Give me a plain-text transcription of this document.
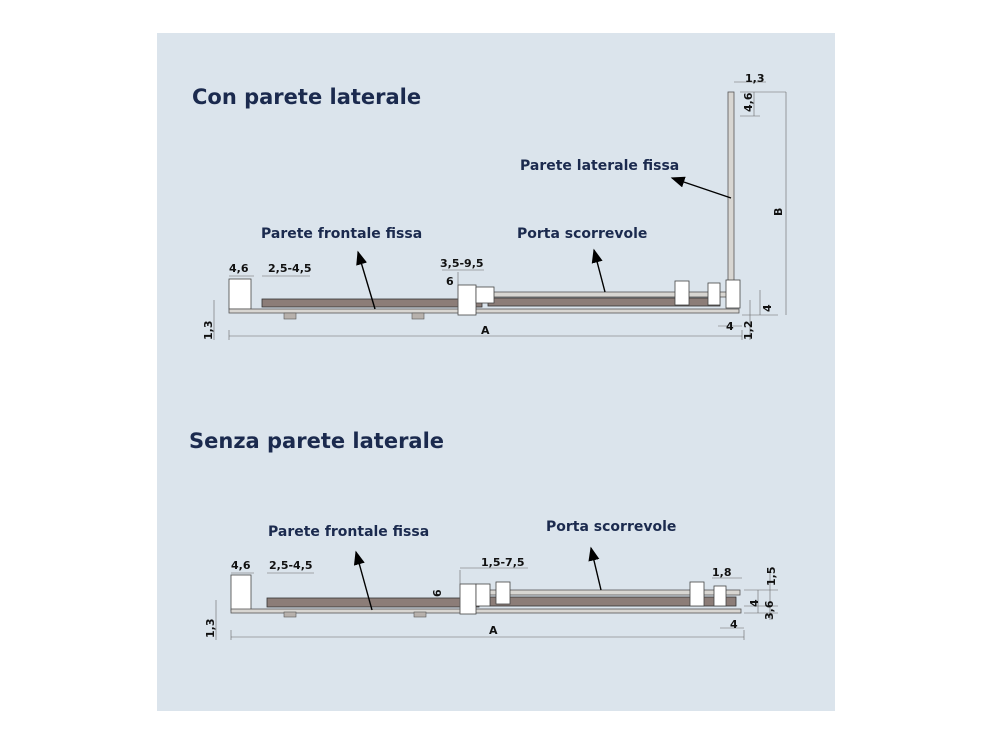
Con parete laterale
Parete frontale fissa	Porta scorrevole
Parete laterale fissa
4,6 2,5-4,5	3,5-9,5
6
1,3	A	4 1,2
4
B
1,3
4,6
Senza parete laterale
Parete frontale fissa	Porta scorrevole
4,6 2,5-4,5	1,5-7,5
6
1,3	A
1,8	1,5
4 3,6
4
